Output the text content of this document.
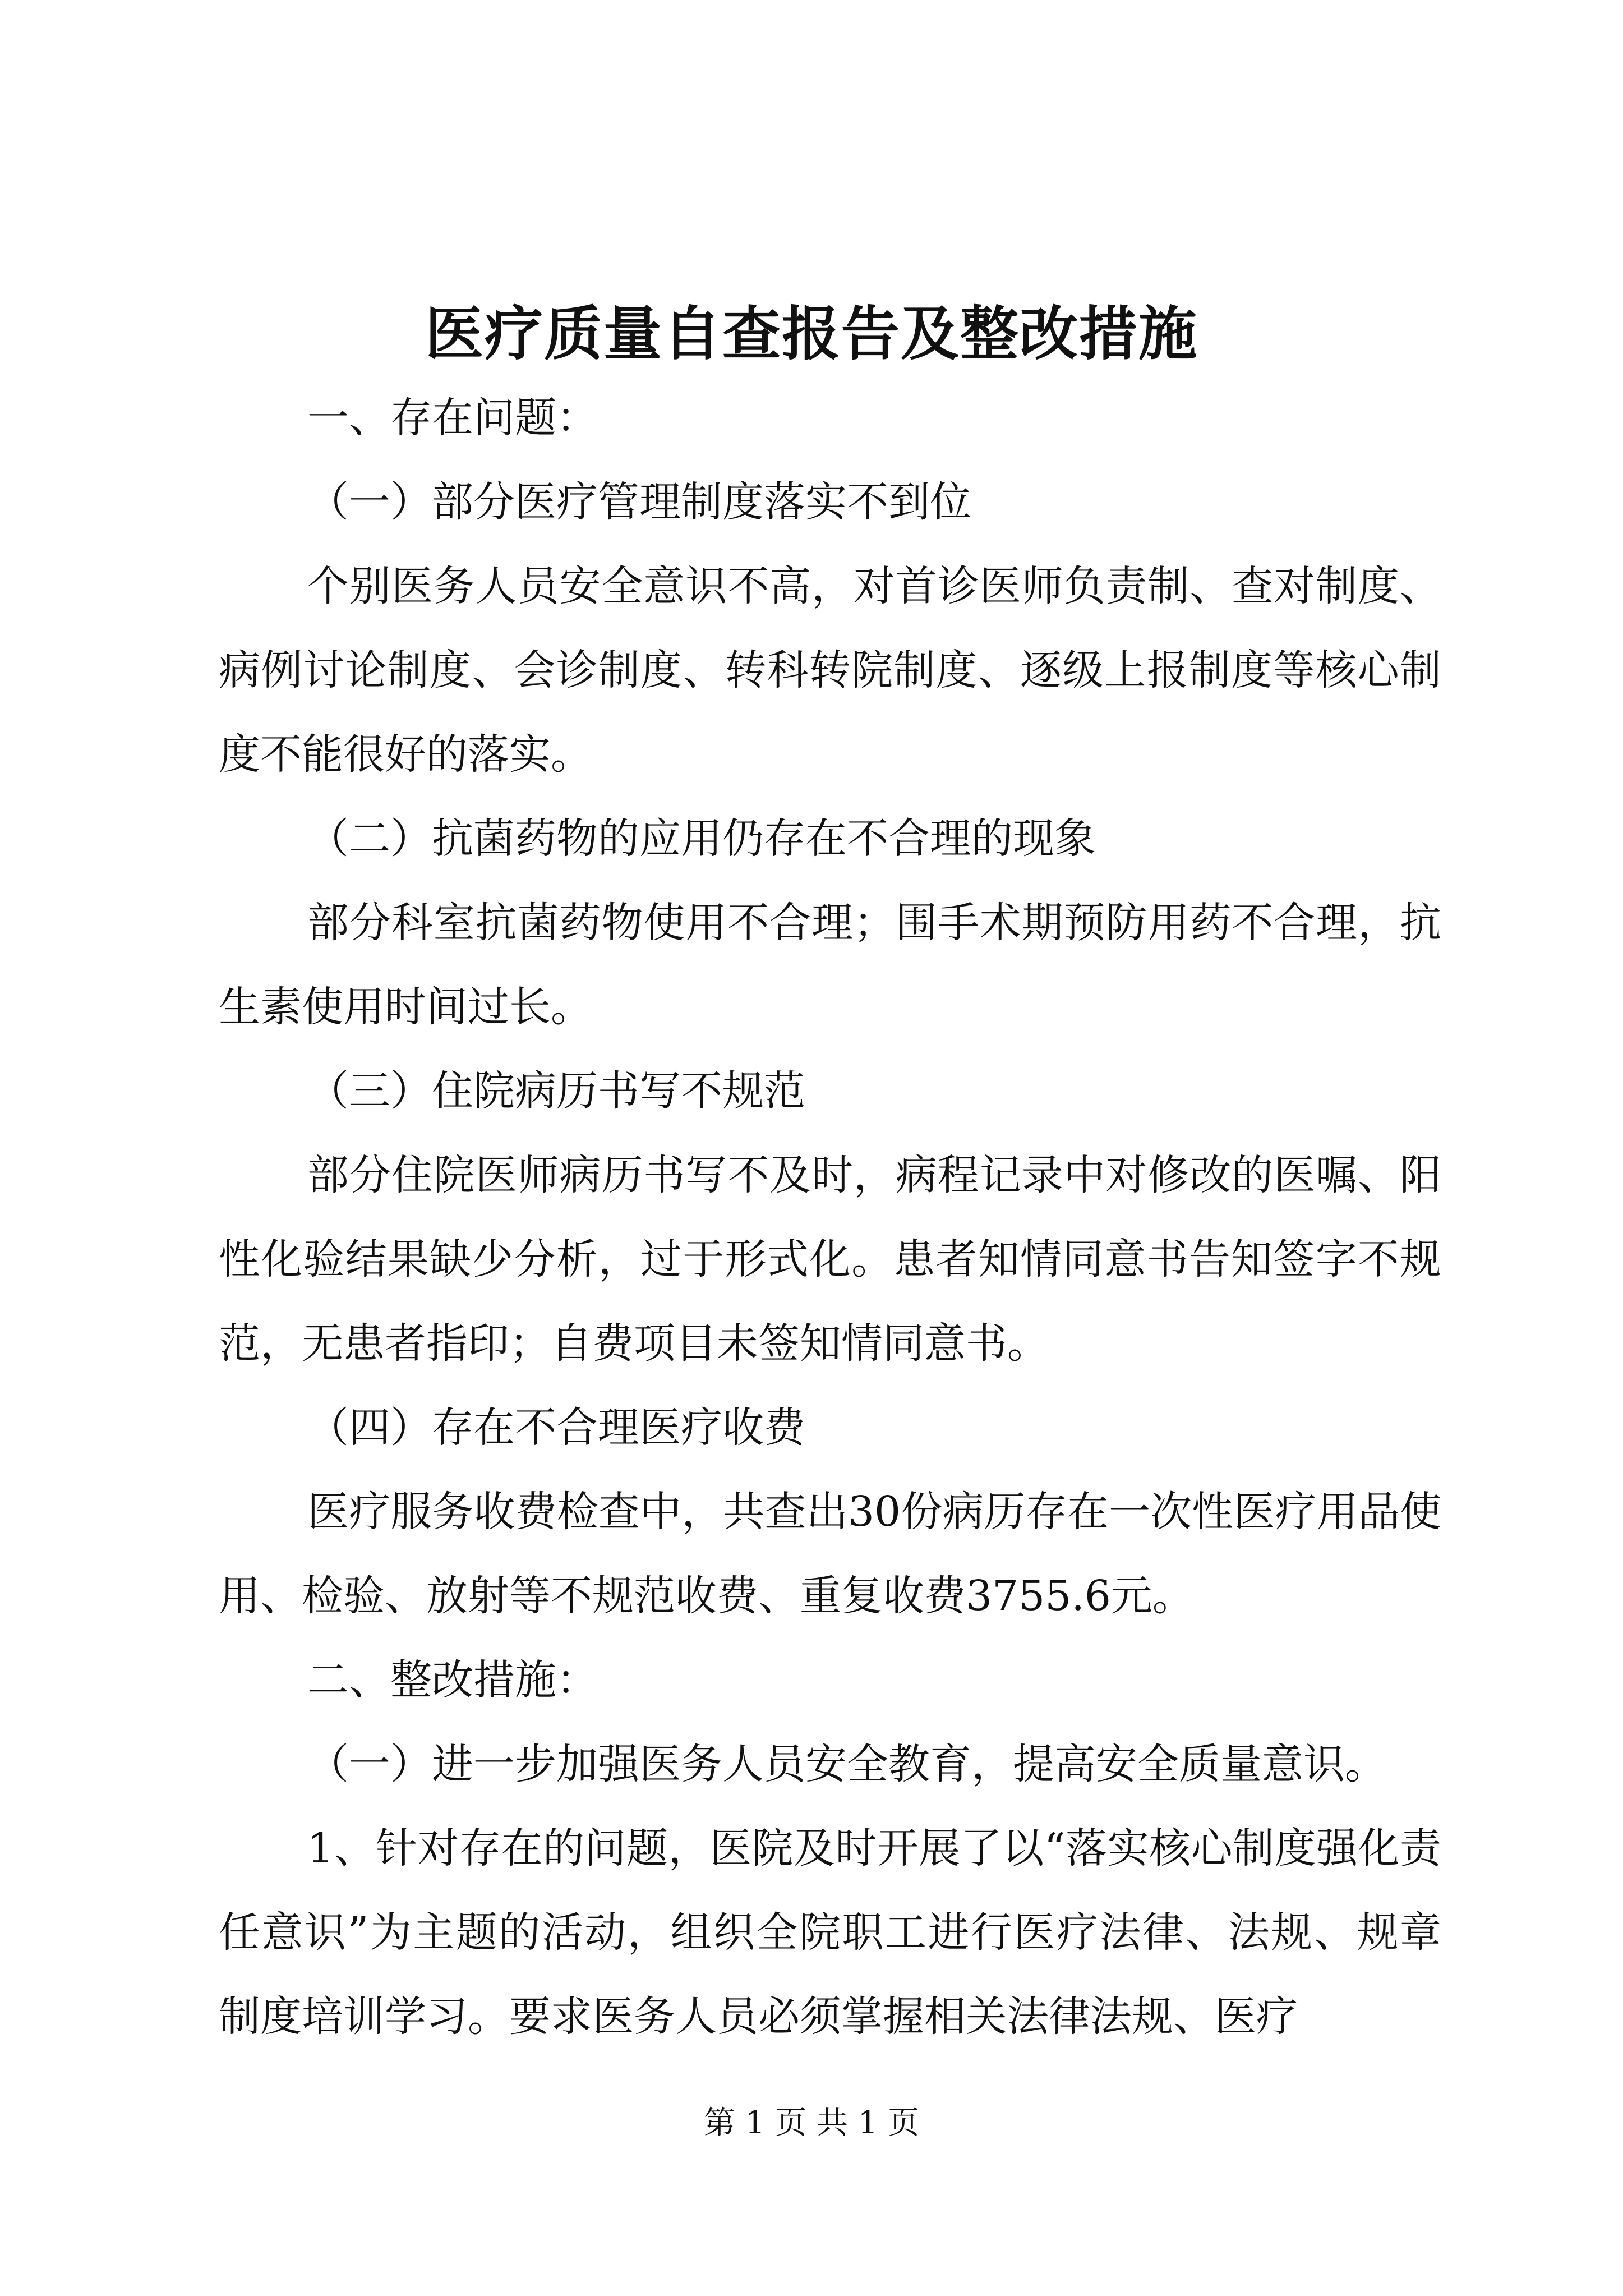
医疗质量自查报告及整改措施

一、存在问题：

（一）部分医疗管理制度落实不到位

个别医务人员安全意识不高，对首诊医师负责制、查对制度、病例讨论制度、会诊制度、转科转院制度、逐级上报制度等核心制度不能很好的落实。

（二）抗菌药物的应用仍存在不合理的现象

部分科室抗菌药物使用不合理；围手术期预防用药不合理，抗生素使用时间过长。

（三）住院病历书写不规范

部分住院医师病历书写不及时，病程记录中对修改的医嘱、阳性化验结果缺少分析，过于形式化。患者知情同意书告知签字不规范，无患者指印；自费项目未签知情同意书。

（四）存在不合理医疗收费

医疗服务收费检查中，共查出30份病历存在一次性医疗用品使用、检验、放射等不规范收费、重复收费3755.6元。

二、整改措施：

（一）进一步加强医务人员安全教育，提高安全质量意识。

1、针对存在的问题，医院及时开展了以“落实核心制度强化责任意识”为主题的活动，组织全院职工进行医疗法律、法规、规章制度培训学习。要求医务人员必须掌握相关法律法规、医疗

第 1 页 共 1 页
